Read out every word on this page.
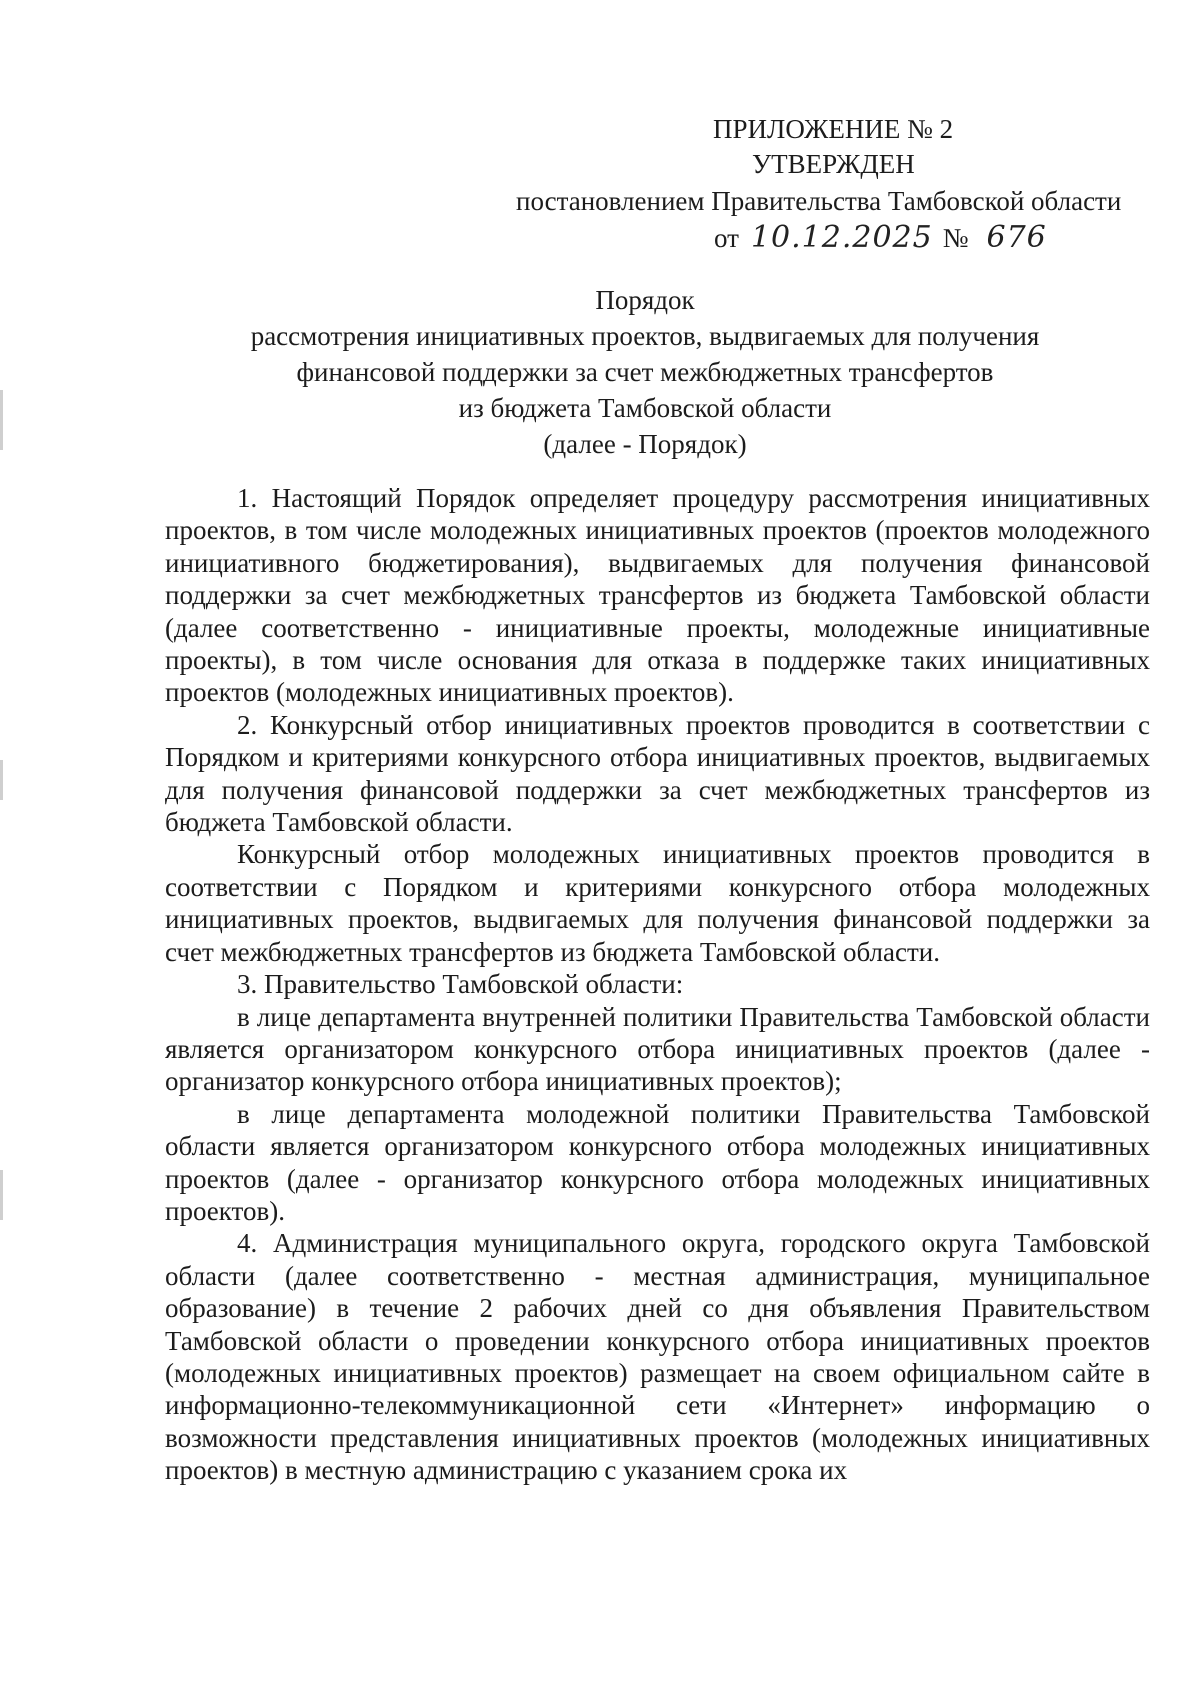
ПРИЛОЖЕНИЕ № 2
УТВЕРЖДЕН
постановлением Правительства Тамбовской области
от 10.12.2025 № 676
Порядок
рассмотрения инициативных проектов, выдвигаемых для получения
финансовой поддержки за счет межбюджетных трансфертов
из бюджета Тамбовской области
(далее - Порядок)

1. Настоящий Порядок определяет процедуру рассмотрения инициативных проектов, в том числе молодежных инициативных проектов (проектов молодежного инициативного бюджетирования), выдвигаемых для получения финансовой поддержки за счет межбюджетных трансфертов из бюджета Тамбовской области (далее соответственно - инициативные проекты, молодежные инициативные проекты), в том числе основания для отказа в поддержке таких инициативных проектов (молодежных инициативных проектов).

2. Конкурсный отбор инициативных проектов проводится в соответствии с Порядком и критериями конкурсного отбора инициативных проектов, выдвигаемых для получения финансовой поддержки за счет межбюджетных трансфертов из бюджета Тамбовской области.

Конкурсный отбор молодежных инициативных проектов проводится в соответствии с Порядком и критериями конкурсного отбора молодежных инициативных проектов, выдвигаемых для получения финансовой поддержки за счет межбюджетных трансфертов из бюджета Тамбовской области.

3. Правительство Тамбовской области:

в лице департамента внутренней политики Правительства Тамбовской области является организатором конкурсного отбора инициативных проектов (далее - организатор конкурсного отбора инициативных проектов);

в лице департамента молодежной политики Правительства Тамбовской области является организатором конкурсного отбора молодежных инициативных проектов (далее - организатор конкурсного отбора молодежных инициативных проектов).

4. Администрация муниципального округа, городского округа Тамбовской области (далее соответственно - местная администрация, муниципальное образование) в течение 2 рабочих дней со дня объявления Правительством Тамбовской области о проведении конкурсного отбора инициативных проектов (молодежных инициативных проектов) размещает на своем официальном сайте в информационно-телекоммуникационной сети «Интернет» информацию о возможности представления инициативных проектов (молодежных инициативных проектов) в местную администрацию с указанием срока их
